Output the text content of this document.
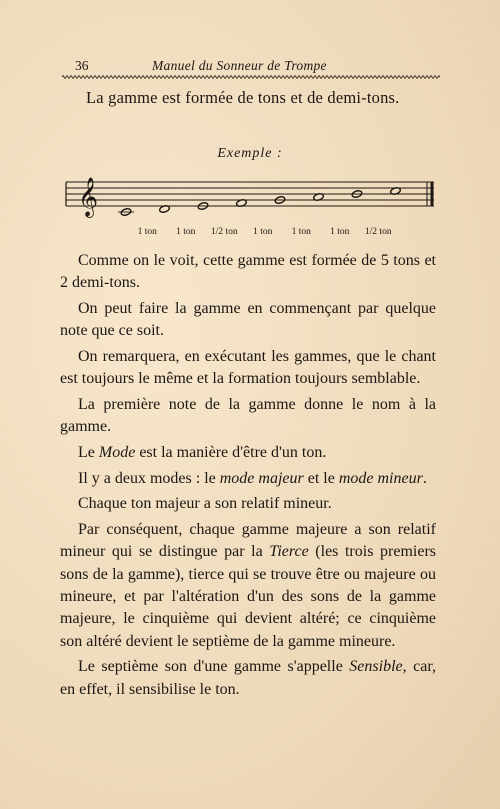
36	Manuel du Sonneur de Trompe
La gamme est formée de tons et de demi-tons.
Exemple :
𝄞
1 ton 1 ton 1/2 ton 1 ton 1 ton 1 ton 1/2 ton

Comme on le voit, cette gamme est formée de 5 tons et 2 demi-tons.

On peut faire la gamme en commençant par quelque note que ce soit.

On remarquera, en exécutant les gammes, que le chant est toujours le même et la formation toujours semblable.

La première note de la gamme donne le nom à la gamme.

Le Mode est la manière d'être d'un ton.

Il y a deux modes : le mode majeur et le mode mineur.

Chaque ton majeur a son relatif mineur.

Par conséquent, chaque gamme majeure a son relatif mineur qui se distingue par la Tierce (les trois premiers sons de la gamme), tierce qui se trouve être ou majeure ou mineure, et par l'altération d'un des sons de la gamme majeure, le cinquième qui devient altéré; ce cinquième son altéré devient le septième de la gamme mineure.

Le septième son d'une gamme s'appelle Sensible, car, en effet, il sensibilise le ton.
